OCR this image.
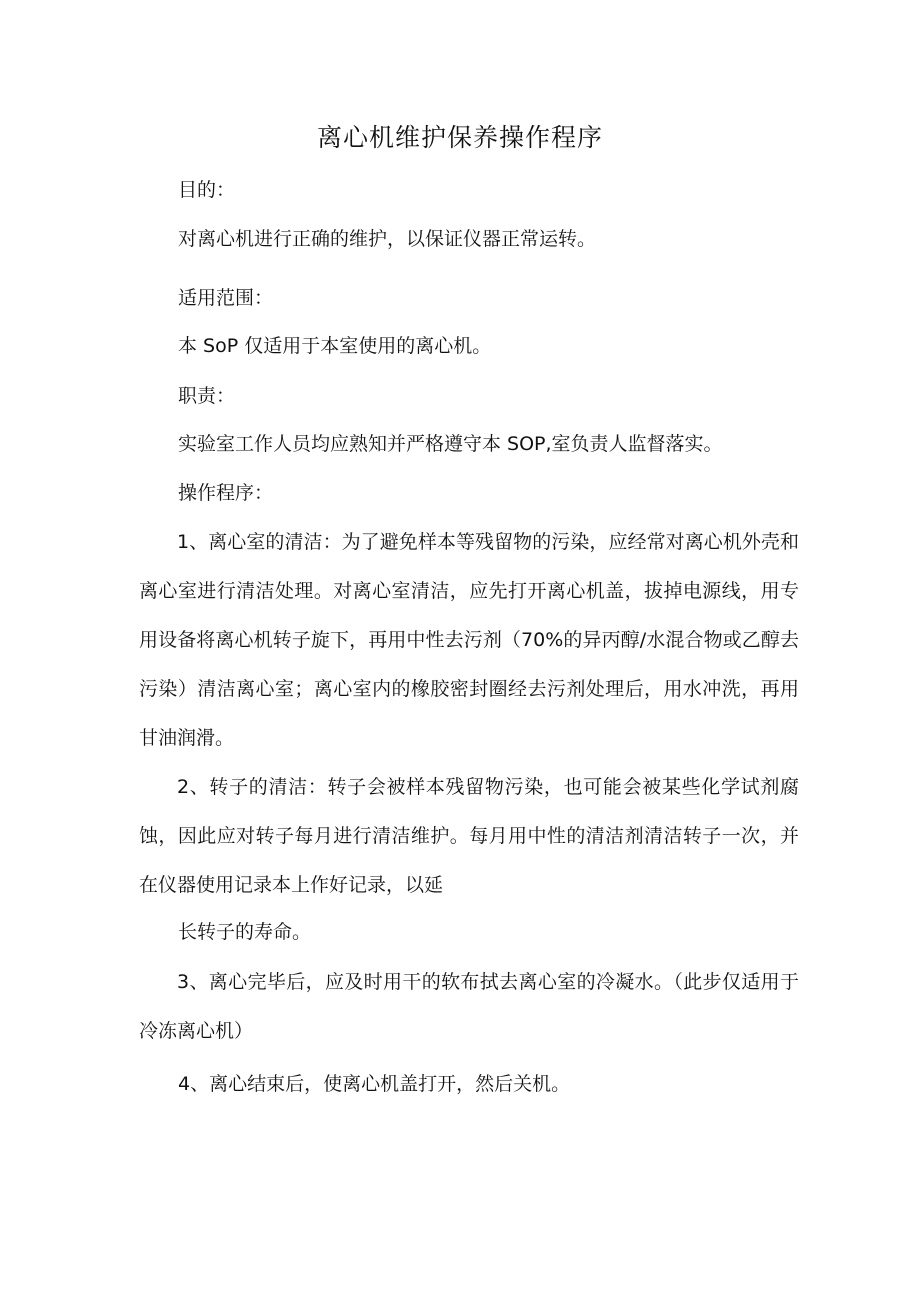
离心机维护保养操作程序

目的：

对离心机进行正确的维护，以保证仪器正常运转。

适用范围：

本 SoP 仅适用于本室使用的离心机。

职责：

实验室工作人员均应熟知并严格遵守本 SOP,室负责人监督落实。

操作程序：

1、离心室的清洁：为了避免样本等残留物的污染，应经常对离心机外壳和离心室进行清洁处理。对离心室清洁，应先打开离心机盖，拔掉电源线，用专用设备将离心机转子旋下，再用中性去污剂（70%的异丙醇/水混合物或乙醇去污染）清洁离心室；离心室内的橡胶密封圈经去污剂处理后，用水冲洗，再用甘油润滑。

2、转子的清洁：转子会被样本残留物污染，也可能会被某些化学试剂腐蚀，因此应对转子每月进行清洁维护。每月用中性的清洁剂清洁转子一次，并在仪器使用记录本上作好记录，以延

长转子的寿命。

3、离心完毕后，应及时用干的软布拭去离心室的冷凝水。（此步仅适用于冷冻离心机）

4、离心结束后，使离心机盖打开，然后关机。
